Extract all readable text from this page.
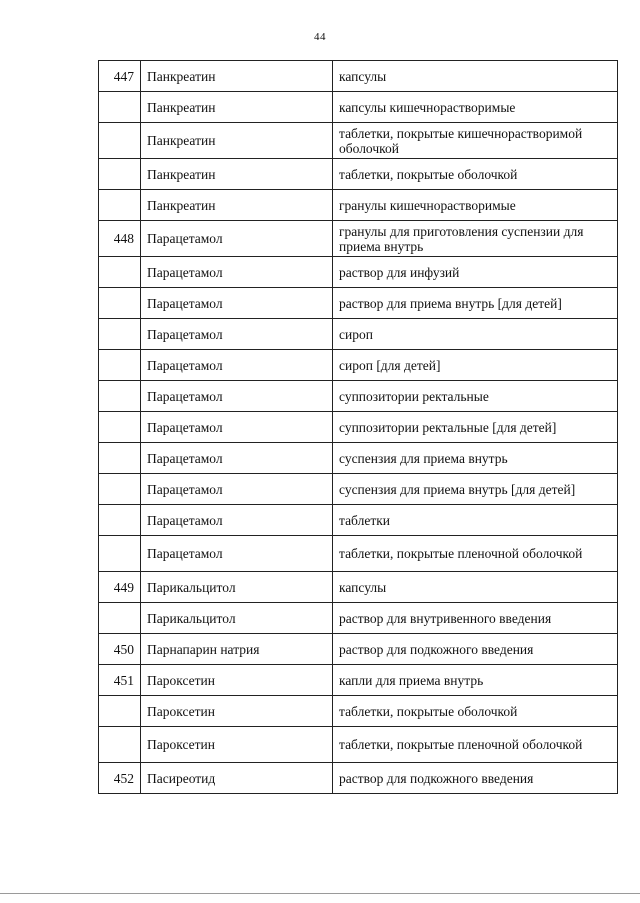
44
447	Панкреатин	капсулы
	Панкреатин	капсулы кишечнорастворимые
	Панкреатин	таблетки, покрытые кишечнорастворимой оболочкой
	Панкреатин	таблетки, покрытые оболочкой
	Панкреатин	гранулы кишечнорастворимые
448	Парацетамол	гранулы для приготовления суспензии для приема внутрь
	Парацетамол	раствор для инфузий
	Парацетамол	раствор для приема внутрь [для детей]
	Парацетамол	сироп
	Парацетамол	сироп [для детей]
	Парацетамол	суппозитории ректальные
	Парацетамол	суппозитории ректальные [для детей]
	Парацетамол	суспензия для приема внутрь
	Парацетамол	суспензия для приема внутрь [для детей]
	Парацетамол	таблетки
	Парацетамол	таблетки, покрытые пленочной оболочкой
449	Парикальцитол	капсулы
	Парикальцитол	раствор для внутривенного введения
450	Парнапарин натрия	раствор для подкожного введения
451	Пароксетин	капли для приема внутрь
	Пароксетин	таблетки, покрытые оболочкой
	Пароксетин	таблетки, покрытые пленочной оболочкой
452	Пасиреотид	раствор для подкожного введения
